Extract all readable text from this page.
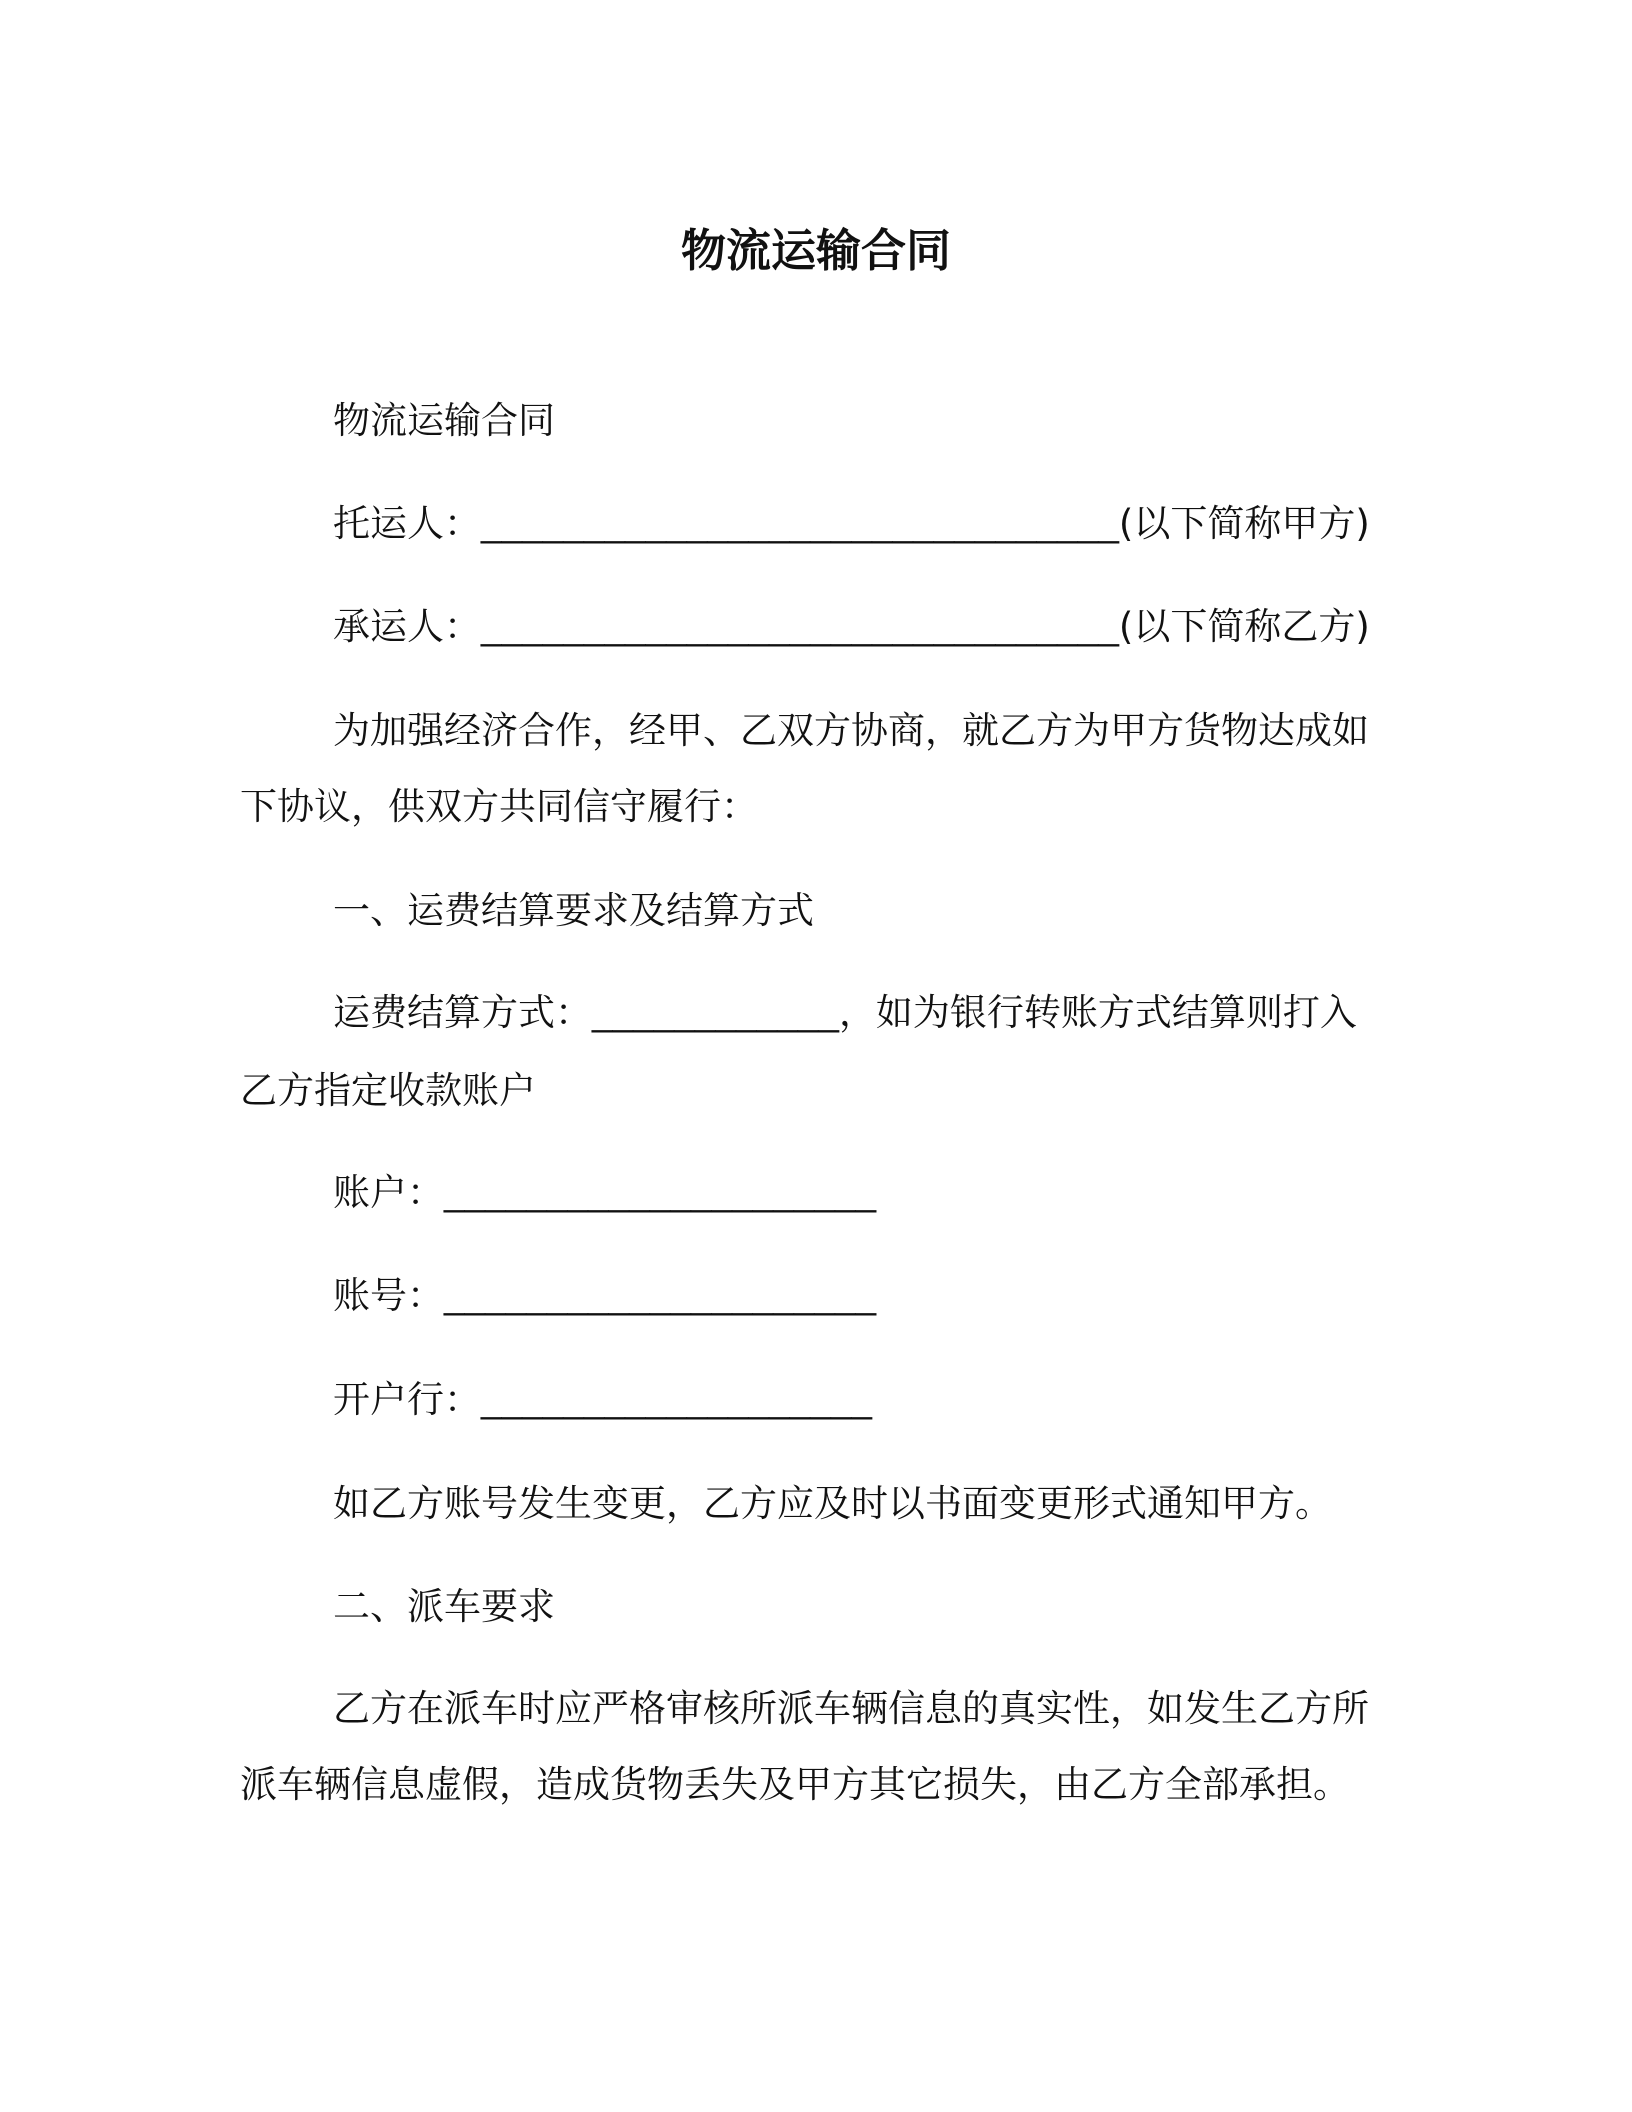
物流运输合同
物流运输合同
托运人：_______________________________(以下简称甲方)
承运人：_______________________________(以下简称乙方)
为加强经济合作，经甲、乙双方协商，就乙方为甲方货物达成如
下协议，供双方共同信守履行：
一、运费结算要求及结算方式
运费结算方式：____________，如为银行转账方式结算则打入
乙方指定收款账户
账户：_____________________
账号：_____________________
开户行：___________________
如乙方账号发生变更，乙方应及时以书面变更形式通知甲方。
二、派车要求
乙方在派车时应严格审核所派车辆信息的真实性，如发生乙方所
派车辆信息虚假，造成货物丢失及甲方其它损失，由乙方全部承担。
